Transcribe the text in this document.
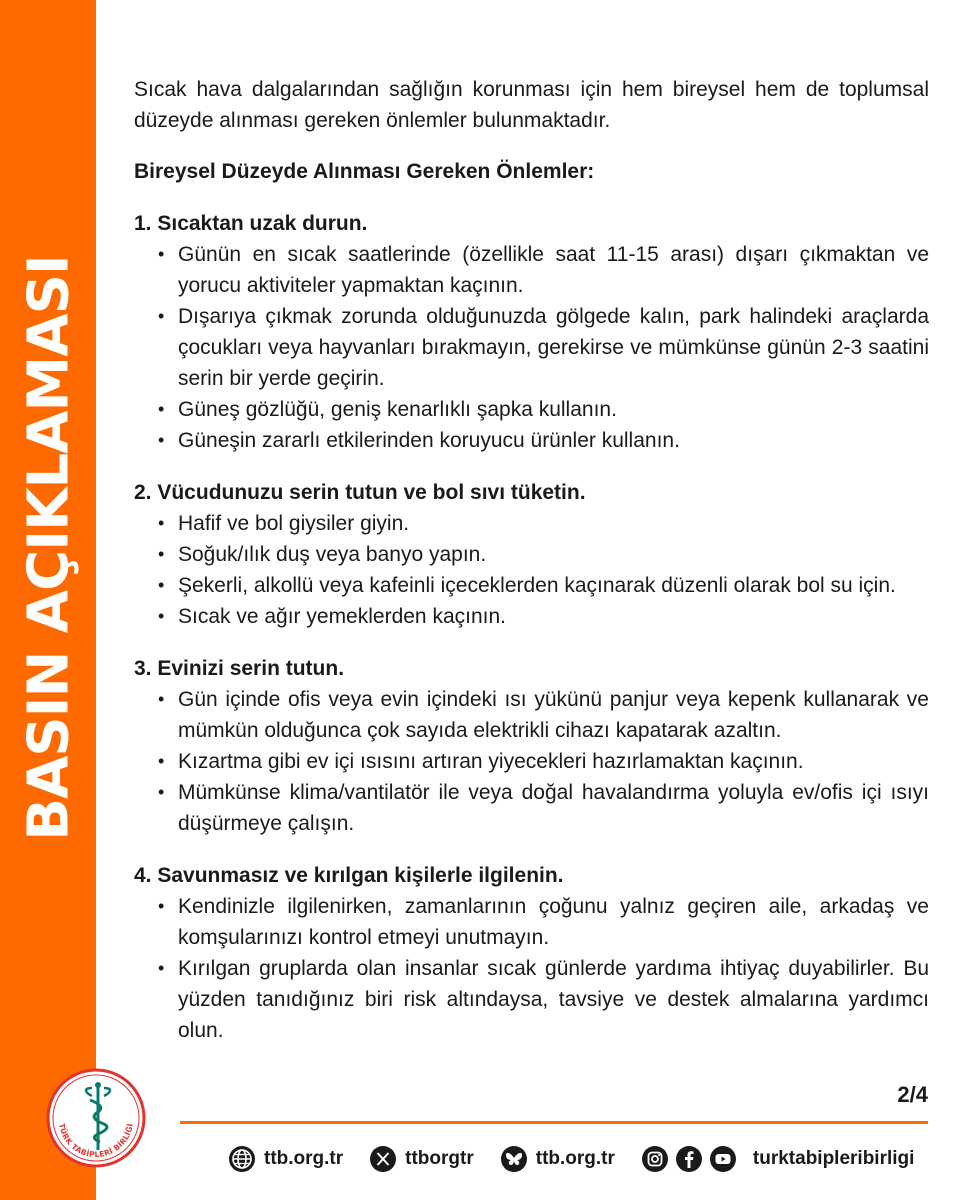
BASIN AÇIKLAMASI
TÜRK TABİPLERİ BİRLİĞİ

Sıcak hava dalgalarından sağlığın korunması için hem bireysel hem de toplumsal düzeyde alınması gereken önlemler bulunmaktadır.

Bireysel Düzeyde Alınması Gereken Önlemler:

1. Sıcaktan uzak durun.

• Günün en sıcak saatlerinde (özellikle saat 11-15 arası) dışarı çıkmaktan ve yorucu aktiviteler yapmaktan kaçının.
• Dışarıya çıkmak zorunda olduğunuzda gölgede kalın, park halindeki araçlarda çocukları veya hayvanları bırakmayın, gerekirse ve mümkünse günün 2-3 saatini serin bir yerde geçirin.
• Güneş gözlüğü, geniş kenarlıklı şapka kullanın.
• Güneşin zararlı etkilerinden koruyucu ürünler kullanın.

2. Vücudunuzu serin tutun ve bol sıvı tüketin.

• Hafif ve bol giysiler giyin.
• Soğuk/ılık duş veya banyo yapın.
• Şekerli, alkollü veya kafeinli içeceklerden kaçınarak düzenli olarak bol su için.
• Sıcak ve ağır yemeklerden kaçının.

3. Evinizi serin tutun.

• Gün içinde ofis veya evin içindeki ısı yükünü panjur veya kepenk kullanarak ve mümkün olduğunca çok sayıda elektrikli cihazı kapatarak azaltın.
• Kızartma gibi ev içi ısısını artıran yiyecekleri hazırlamaktan kaçının.
• Mümkünse klima/vantilatör ile veya doğal havalandırma yoluyla ev/ofis içi ısıyı düşürmeye çalışın.

4. Savunmasız ve kırılgan kişilerle ilgilenin.

• Kendinizle ilgilenirken, zamanlarının çoğunu yalnız geçiren aile, arkadaş ve komşularınızı kontrol etmeyi unutmayın.
• Kırılgan gruplarda olan insanlar sıcak günlerde yardıma ihtiyaç duyabilirler. Bu yüzden tanıdığınız biri risk altındaysa, tavsiye ve destek almalarına yardımcı olun.
2/4
ttb.org.tr	ttborgtr	ttb.org.tr	turktabipleribirligi
